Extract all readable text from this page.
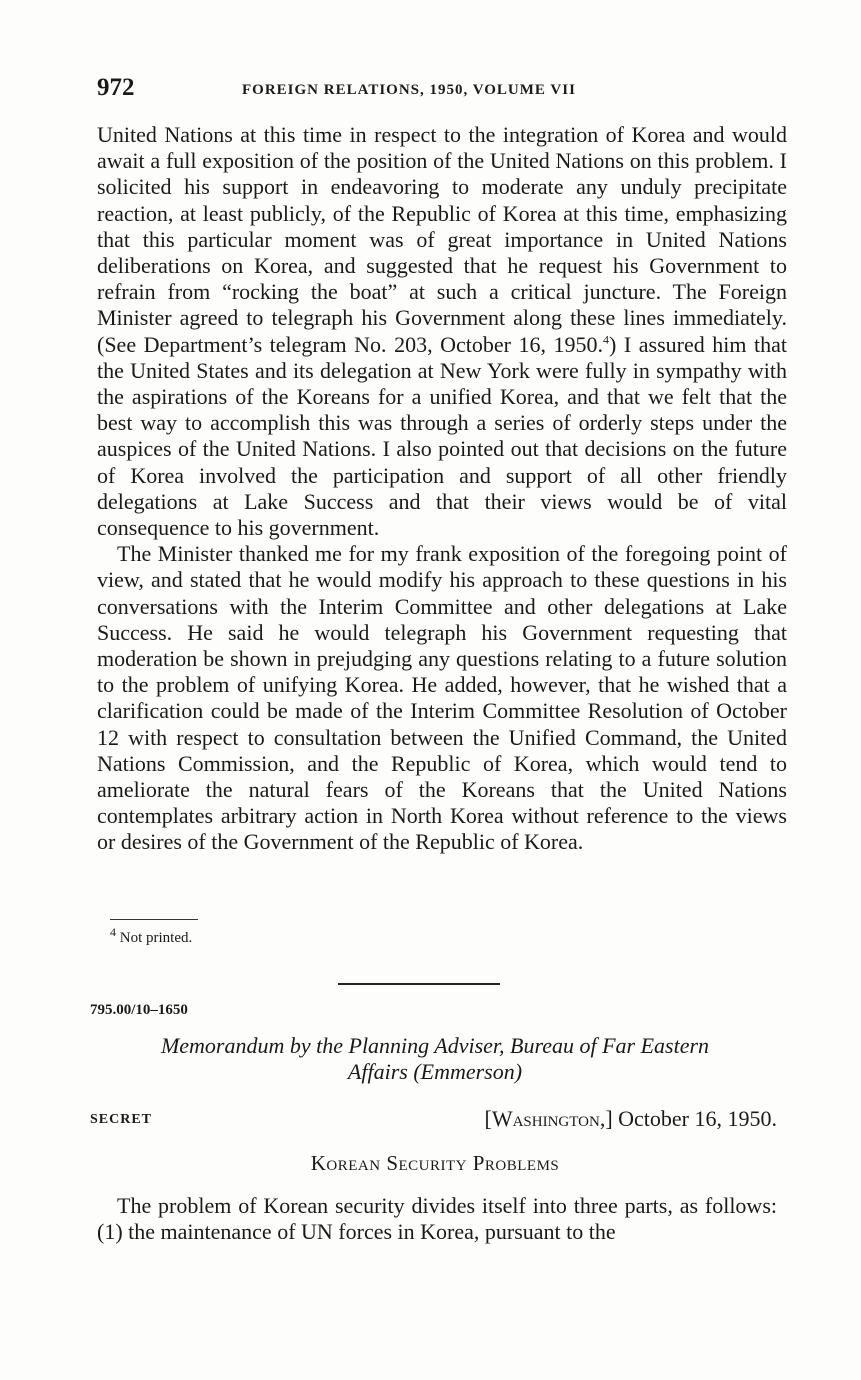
972	FOREIGN RELATIONS, 1950, VOLUME VII

United Nations at this time in respect to the integration of Korea and would await a full exposition of the position of the United Nations on this problem. I solicited his support in endeavoring to moderate any unduly precipitate reaction, at least publicly, of the Republic of Korea at this time, emphasizing that this particular moment was of great importance in United Nations deliberations on Korea, and suggested that he request his Government to refrain from “rocking the boat” at such a critical juncture. The Foreign Minister agreed to telegraph his Government along these lines immediately. (See Department’s telegram No. 203, October 16, 1950.$^4$) I assured him that the United States and its delegation at New York were fully in sympathy with the aspirations of the Koreans for a unified Korea, and that we felt that the best way to accomplish this was through a series of orderly steps under the auspices of the United Nations. I also pointed out that decisions on the future of Korea involved the participation and support of all other friendly delegations at Lake Success and that their views would be of vital consequence to his government.

The Minister thanked me for my frank exposition of the foregoing point of view, and stated that he would modify his approach to these questions in his conversations with the Interim Committee and other delegations at Lake Success. He said he would telegraph his Government requesting that moderation be shown in prejudging any questions relating to a future solution to the problem of unifying Korea. He added, however, that he wished that a clarification could be made of the Interim Committee Resolution of October 12 with respect to consultation between the Unified Command, the United Nations Commission, and the Republic of Korea, which would tend to ameliorate the natural fears of the Koreans that the United Nations contemplates arbitrary action in North Korea without reference to the views or desires of the Government of the Republic of Korea.

$^4$ Not printed.
795.00/10–1650
Memorandum by the Planning Adviser, Bureau of Far Eastern
Affairs (Emmerson)
SECRET	[Washington,] October 16, 1950.
Korean Security Problems

The problem of Korean security divides itself into three parts, as follows: (1) the maintenance of UN forces in Korea, pursuant to the
